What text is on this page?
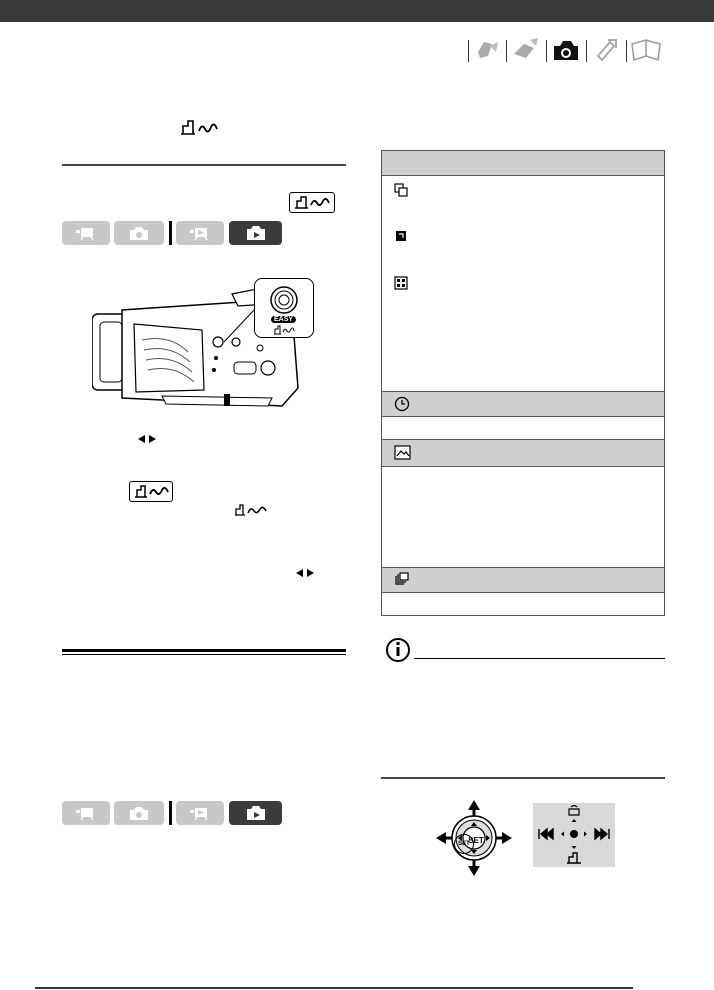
EASY
SET
SET
